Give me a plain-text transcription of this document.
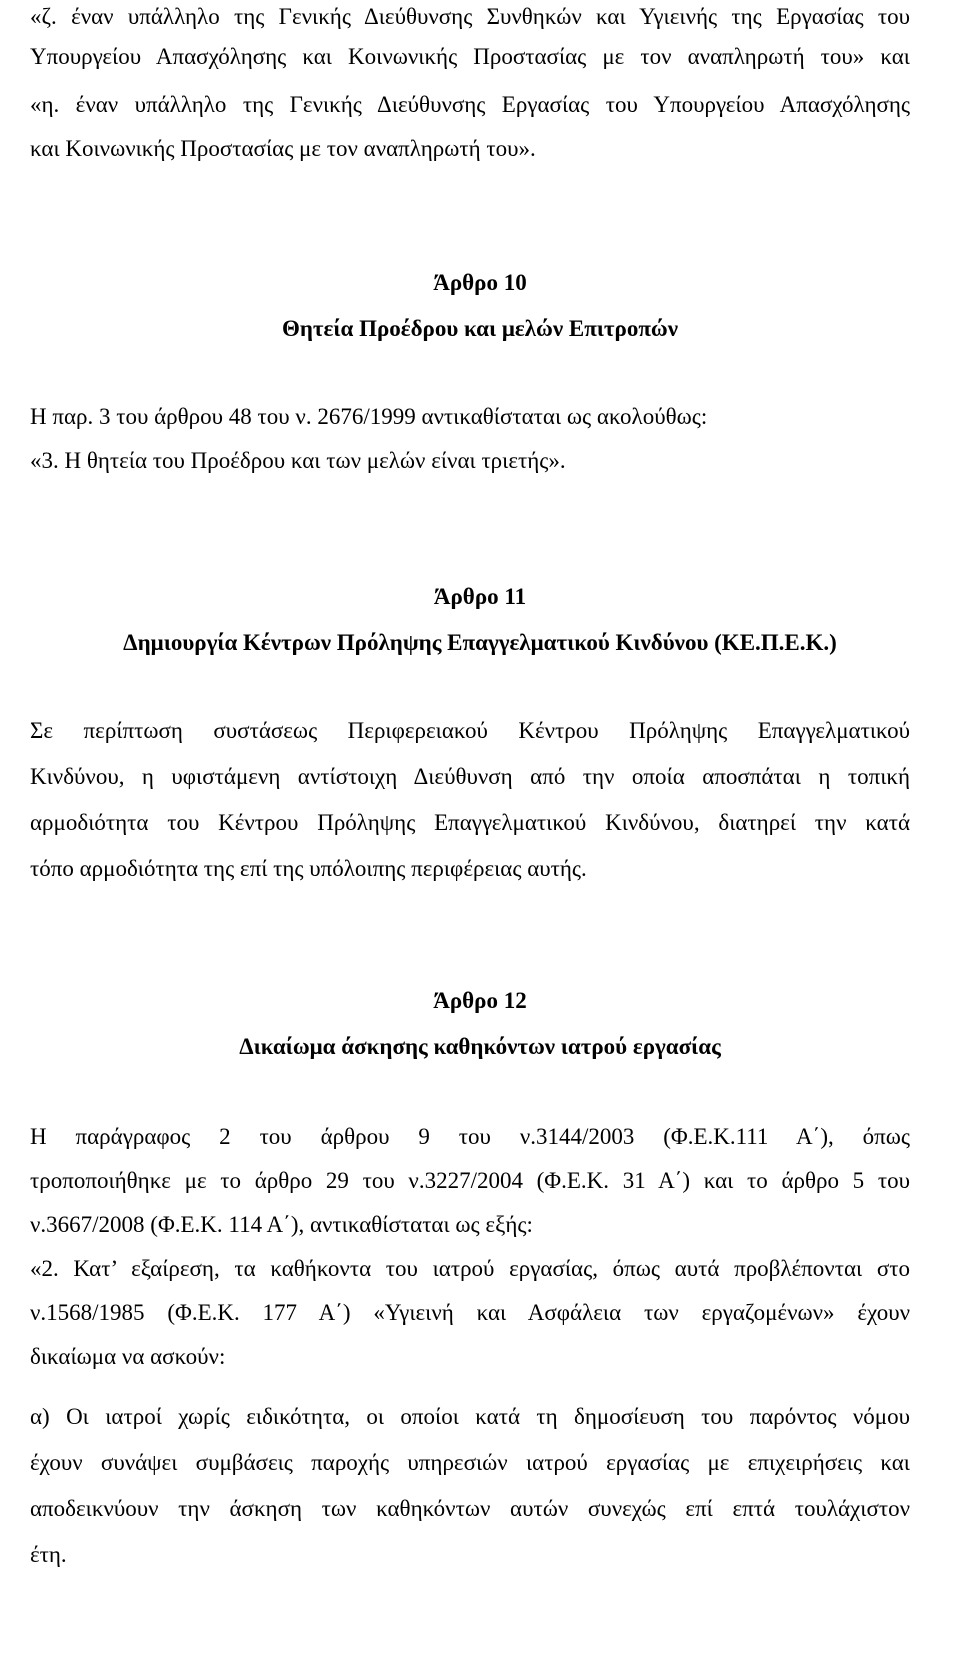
«ζ. έναν υπάλληλο της Γενικής Διεύθυνσης Συνθηκών και Υγιεινής της Εργασίας του
Υπουργείου Απασχόλησης και Κοινωνικής Προστασίας με τον αναπληρωτή του» και
«η. έναν υπάλληλο της Γενικής Διεύθυνσης Εργασίας του Υπουργείου Απασχόλησης
και Κοινωνικής Προστασίας με τον αναπληρωτή του».
Άρθρο 10
Θητεία Προέδρου και μελών Επιτροπών
Η παρ. 3 του άρθρου 48 του ν. 2676/1999 αντικαθίσταται ως ακολούθως:
«3. Η θητεία του Προέδρου και των μελών είναι τριετής».
Άρθρο 11
Δημιουργία Κέντρων Πρόληψης Επαγγελματικού Κινδύνου (ΚΕ.Π.Ε.Κ.)
Σε περίπτωση συστάσεως Περιφερειακού Κέντρου Πρόληψης Επαγγελματικού
Κινδύνου, η υφιστάμενη αντίστοιχη Διεύθυνση από την οποία αποσπάται η τοπική
αρμοδιότητα του Κέντρου Πρόληψης Επαγγελματικού Κινδύνου, διατηρεί την κατά
τόπο αρμοδιότητα της επί της υπόλοιπης περιφέρειας αυτής.
Άρθρο 12
Δικαίωμα άσκησης καθηκόντων ιατρού εργασίας
Η παράγραφος 2 του άρθρου 9 του ν.3144/2003 (Φ.Ε.Κ.111 Α΄), όπως
τροποποιήθηκε με το άρθρο 29 του ν.3227/2004 (Φ.Ε.Κ. 31 Α΄) και το άρθρο 5 του
ν.3667/2008 (Φ.Ε.Κ. 114 Α΄), αντικαθίσταται ως εξής:
«2. Κατ’ εξαίρεση, τα καθήκοντα του ιατρού εργασίας, όπως αυτά προβλέπονται στο
ν.1568/1985 (Φ.Ε.Κ. 177 Α΄) «Υγιεινή και Ασφάλεια των εργαζομένων» έχουν
δικαίωμα να ασκούν:
α) Οι ιατροί χωρίς ειδικότητα, οι οποίοι κατά τη δημοσίευση του παρόντος νόμου
έχουν συνάψει συμβάσεις παροχής υπηρεσιών ιατρού εργασίας με επιχειρήσεις και
αποδεικνύουν την άσκηση των καθηκόντων αυτών συνεχώς επί επτά τουλάχιστον
έτη.
